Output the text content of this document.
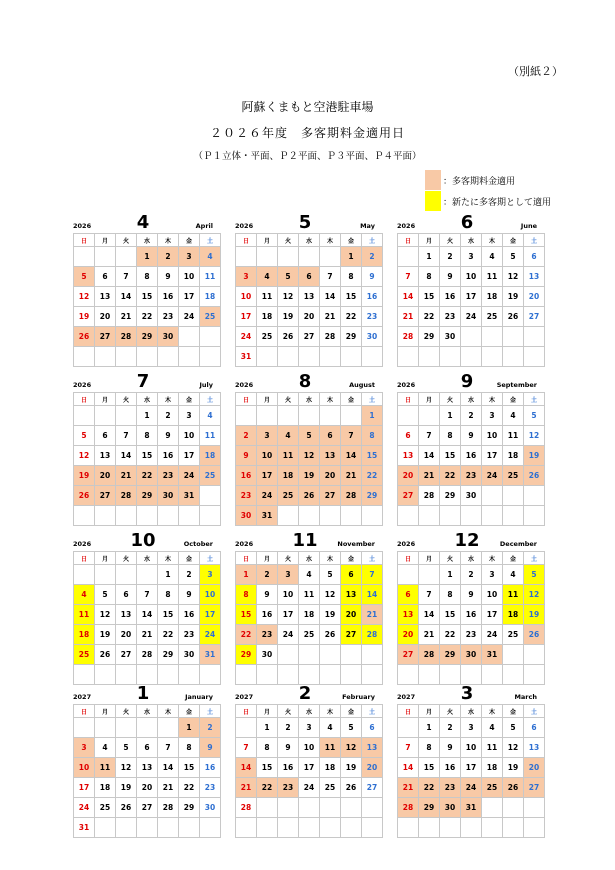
（別紙２）
阿蘇くまもと空港駐車場
２０２６年度　多客期料金適用日
（Ｐ１立体・平面、Ｐ２平面、Ｐ３平面、Ｐ４平面）
：多客期料金適用
：新たに多客期として適用
2026	4	April
日	月	火	水	木	金	土
			1	2	3	4
5	6	7	8	9	10	11
12	13	14	15	16	17	18
19	20	21	22	23	24	25
26	27	28	29	30		

2026	5	May
日	月	火	水	木	金	土
					1	2
3	4	5	6	7	8	9
10	11	12	13	14	15	16
17	18	19	20	21	22	23
24	25	26	27	28	29	30
31						
2026	6	June
日	月	火	水	木	金	土
	1	2	3	4	5	6
7	8	9	10	11	12	13
14	15	16	17	18	19	20
21	22	23	24	25	26	27
28	29	30				

2026	7	July
日	月	火	水	木	金	土
			1	2	3	4
5	6	7	8	9	10	11
12	13	14	15	16	17	18
19	20	21	22	23	24	25
26	27	28	29	30	31	

2026	8	August
日	月	火	水	木	金	土
						1
2	3	4	5	6	7	8
9	10	11	12	13	14	15
16	17	18	19	20	21	22
23	24	25	26	27	28	29
30	31					
2026	9	September
日	月	火	水	木	金	土
		1	2	3	4	5
6	7	8	9	10	11	12
13	14	15	16	17	18	19
20	21	22	23	24	25	26
27	28	29	30			

2026	10	October
日	月	火	水	木	金	土
				1	2	3
4	5	6	7	8	9	10
11	12	13	14	15	16	17
18	19	20	21	22	23	24
25	26	27	28	29	30	31

2026	11	November
日	月	火	水	木	金	土
1	2	3	4	5	6	7
8	9	10	11	12	13	14
15	16	17	18	19	20	21
22	23	24	25	26	27	28
29	30					

2026	12	December
日	月	火	水	木	金	土
		1	2	3	4	5
6	7	8	9	10	11	12
13	14	15	16	17	18	19
20	21	22	23	24	25	26
27	28	29	30	31		

2027	1	January
日	月	火	水	木	金	土
					1	2
3	4	5	6	7	8	9
10	11	12	13	14	15	16
17	18	19	20	21	22	23
24	25	26	27	28	29	30
31						
2027	2	February
日	月	火	水	木	金	土
	1	2	3	4	5	6
7	8	9	10	11	12	13
14	15	16	17	18	19	20
21	22	23	24	25	26	27
28						

2027	3	March
日	月	火	水	木	金	土
	1	2	3	4	5	6
7	8	9	10	11	12	13
14	15	16	17	18	19	20
21	22	23	24	25	26	27
28	29	30	31			
